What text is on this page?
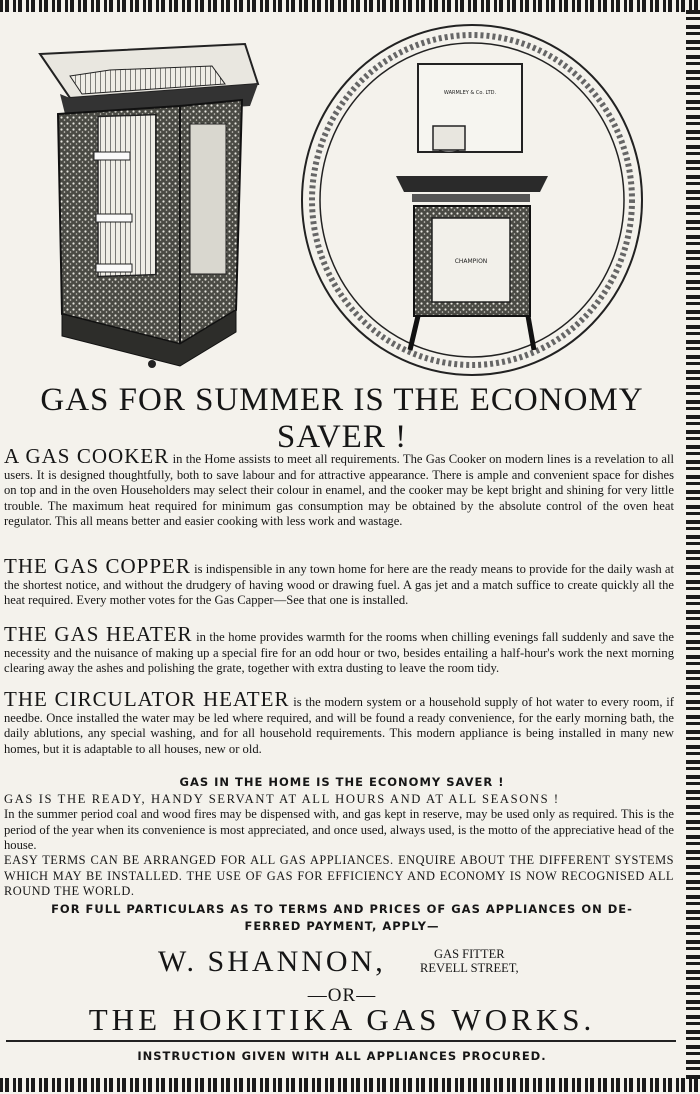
WARMLEY & Co. LTD.
CHAMPION
GAS FOR SUMMER IS THE ECONOMY
SAVER !

A GAS COOKER in the Home assists to meet all requirements. The Gas Cooker on modern lines is a revelation to all users. It is designed thoughtfully, both to save labour and for attractive appearance. There is ample and convenient space for dishes on top and in the oven Householders may select their colour in enamel, and the cooker may be kept bright and shining for very little trouble. The maximum heat required for minimum gas consumption may be obtained by the absolute control of the oven heat regulator. This all means better and easier cooking with less work and wastage.

THE GAS COPPER is indispensible in any town home for here are the ready means to provide for the daily wash at the shortest notice, and without the drudgery of having wood or drawing fuel. A gas jet and a match suffice to create quickly all the heat required. Every mother votes for the Gas Capper—See that one is installed.

THE GAS HEATER in the home provides warmth for the rooms when chilling evenings fall suddenly and save the necessity and the nuisance of making up a special fire for an odd hour or two, besides entailing a half-hour's work the next morning clearing away the ashes and polishing the grate, together with extra dusting to leave the room tidy.

THE CIRCULATOR HEATER is the modern system or a household supply of hot water to every room, if needbe. Once installed the water may be led where required, and will be found a ready convenience, for the early morning bath, the daily ablutions, any special washing, and for all household requirements. This modern appliance is being installed in many new homes, but it is adaptable to all houses, new or old.

GAS IN THE HOME IS THE ECONOMY SAVER !

GAS IS THE READY, HANDY SERVANT AT ALL HOURS AND AT ALL SEASONS !

In the summer period coal and wood fires may be dispensed with, and gas kept in reserve, may be used only as required. This is the period of the year when its convenience is most appreciated, and once used, always used, is the motto of the appreciative head of the house.

EASY TERMS CAN BE ARRANGED FOR ALL GAS APPLIANCES. ENQUIRE ABOUT THE DIFFERENT SYSTEMS WHICH MAY BE INSTALLED. THE USE OF GAS FOR EFFICIENCY AND ECONOMY IS NOW RECOGNISED ALL ROUND THE WORLD.

FOR FULL PARTICULARS AS TO TERMS AND PRICES OF GAS APPLIANCES ON DE-

FERRED PAYMENT, APPLY—

W. SHANNON,	GAS FITTER
REVELL STREET,
—OR—
THE HOKITIKA GAS WORKS.

INSTRUCTION GIVEN WITH ALL APPLIANCES PROCURED.
